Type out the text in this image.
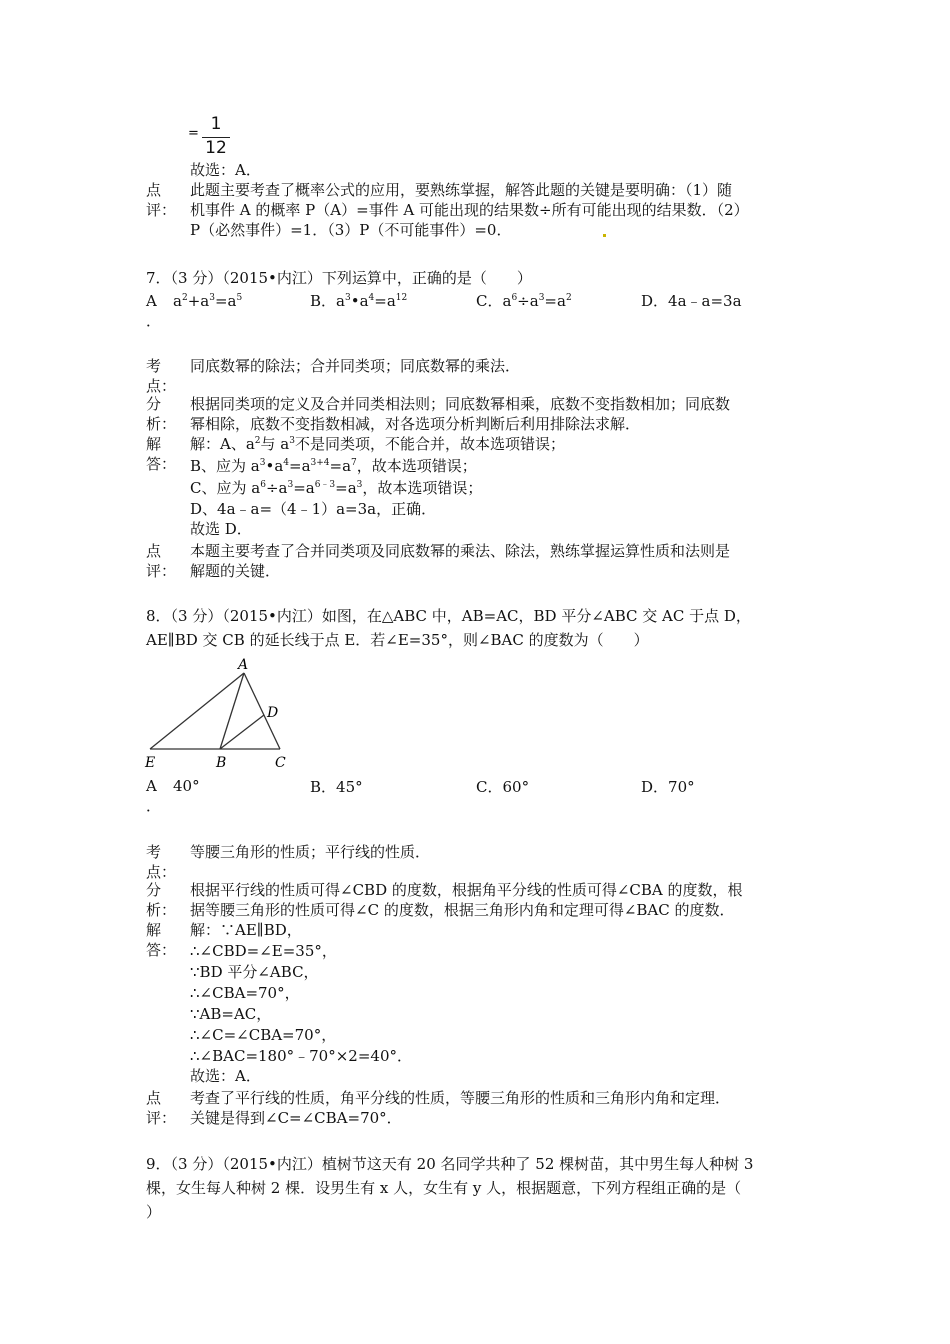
= 1
12
故选：A．
点
评：
此题主要考查了概率公式的应用，要熟练掌握，解答此题的关键是要明确：（1）随
机事件 A 的概率 P（A）=事件 A 可能出现的结果数÷所有可能出现的结果数．（2）
P（必然事件）=1．（3）P（不可能事件）=0．
7．（3 分）（2015•内江）下列运算中，正确的是（　　）
A
．
$a^2+a^3=a^5$	B．$a^3•a^4=a^{12}$	C．$a^6\div a^3=a^2$	D．4a﹣a=3a
考
点：
同底数幂的除法；合并同类项；同底数幂的乘法．
分
析：
根据同类项的定义及合并同类相法则；同底数幂相乘，底数不变指数相加；同底数
幂相除，底数不变指数相减，对各选项分析判断后利用排除法求解．
解
答：
解：A、$a^2$与 $a^3$不是同类项，不能合并，故本选项错误；
B、应为 $a^3•a^4=a^{3+4}=a^7$，故本选项错误；
C、应为 $a^6\div a^3=a^{6﹣3}=a^3$，故本选项错误；
D、4a﹣a=（4﹣1）a=3a，正确．
故选 D．
点
评：
本题主要考查了合并同类项及同底数幂的乘法、除法，熟练掌握运算性质和法则是
解题的关键．
8．（3 分）（2015•内江）如图，在△ABC 中，AB=AC，BD 平分∠ABC 交 AC 于点 D，
AE∥BD 交 CB 的延长线于点 E．若∠E=35°，则∠BAC 的度数为（　　）
A
D
E	B	C
A
．
40°	B．45°	C．60°	D．70°
考
点：
等腰三角形的性质；平行线的性质．
分
析：
根据平行线的性质可得∠CBD 的度数，根据角平分线的性质可得∠CBA 的度数，根
据等腰三角形的性质可得∠C 的度数，根据三角形内角和定理可得∠BAC 的度数．
解
答：
解：∵AE∥BD，
∴∠CBD=∠E=35°，
∵BD 平分∠ABC，
∴∠CBA=70°，
∵AB=AC，
∴∠C=∠CBA=70°，
∴∠BAC=180°﹣70°×2=40°．
故选：A．
点
评：
考查了平行线的性质，角平分线的性质，等腰三角形的性质和三角形内角和定理．
关键是得到∠C=∠CBA=70°．
9．（3 分）（2015•内江）植树节这天有 20 名同学共种了 52 棵树苗，其中男生每人种树 3
棵，女生每人种树 2 棵．设男生有 x 人，女生有 y 人，根据题意，下列方程组正确的是（
）
